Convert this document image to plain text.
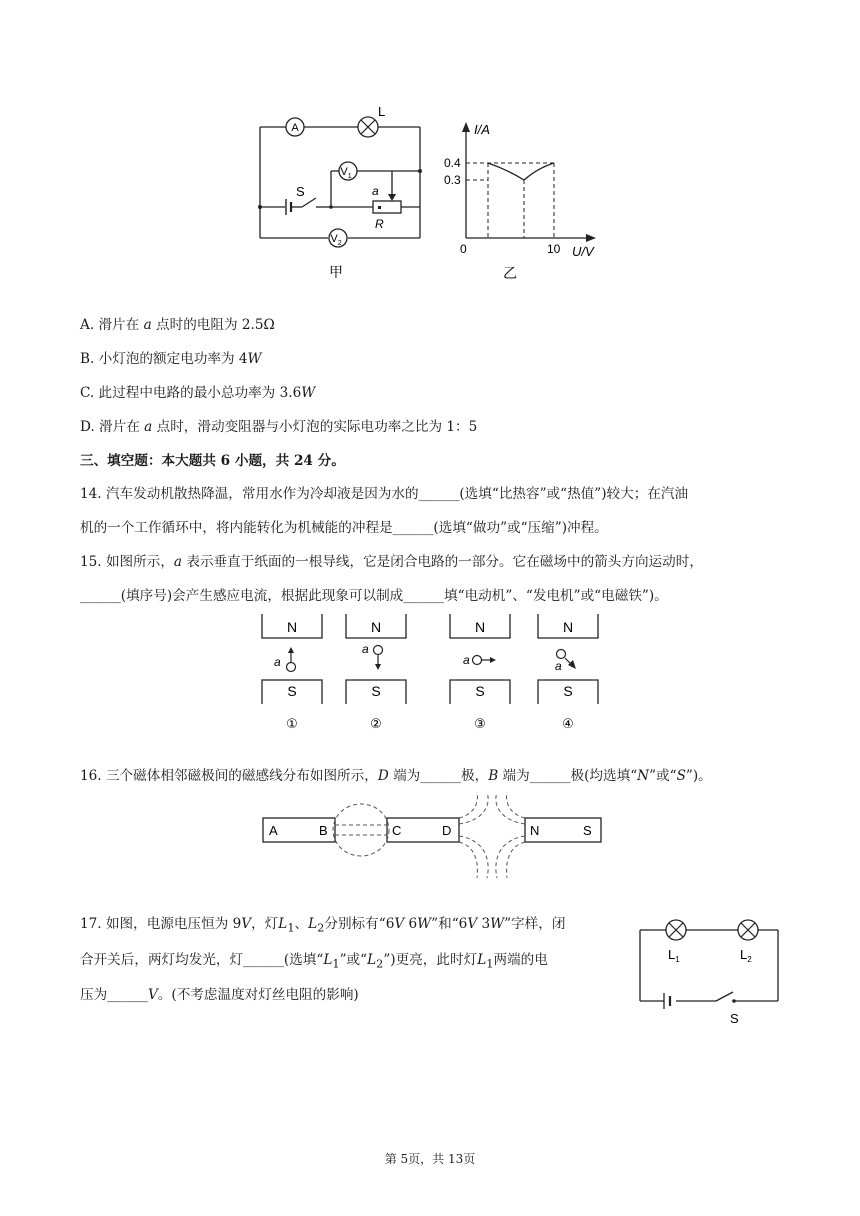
A
L
S
$V_1$
a
R
$V_2$
甲
I/A
U/V
0.4
0.3
0	10
乙
A. 滑片在 a 点时的电阻为 2.5Ω
B. 小灯泡的额定电功率为 4W
C. 此过程中电路的最小总功率为 3.6W
D. 滑片在 a 点时，滑动变阻器与小灯泡的实际电功率之比为 1：5
三、填空题：本大题共 6 小题，共 24 分。
14. 汽车发动机散热降温，常用水作为冷却液是因为水的______(选填“比热容”或“热值”)较大；在汽油
机的一个工作循环中，将内能转化为机械能的冲程是______(选填“做功”或“压缩”)冲程。
15. 如图所示，a 表示垂直于纸面的一根导线，它是闭合电路的一部分。它在磁场中的箭头方向运动时，
______(填序号)会产生感应电流，根据此现象可以制成______填“电动机”、“发电机”或“电磁铁”)。
N	N	N	N
S	S	S	S
a
a
a	a
①	②	③	④
16. 三个磁体相邻磁极间的磁感线分布如图所示，D 端为______极，B 端为______极(均选填“N”或“S”)。
A	B	C	D	N	S
17. 如图，电源电压恒为 9V，灯$L_1$、$L_2$分别标有“6V 6W”和“6V 3W”字样，闭
合开关后，两灯均发光，灯______(选填“$L_1$”或“$L_2$”)更亮，此时灯$L_1$两端的电
压为______V。(不考虑温度对灯丝电阻的影响)
$L_1$	$L_2$
S
第 5页，共 13页
